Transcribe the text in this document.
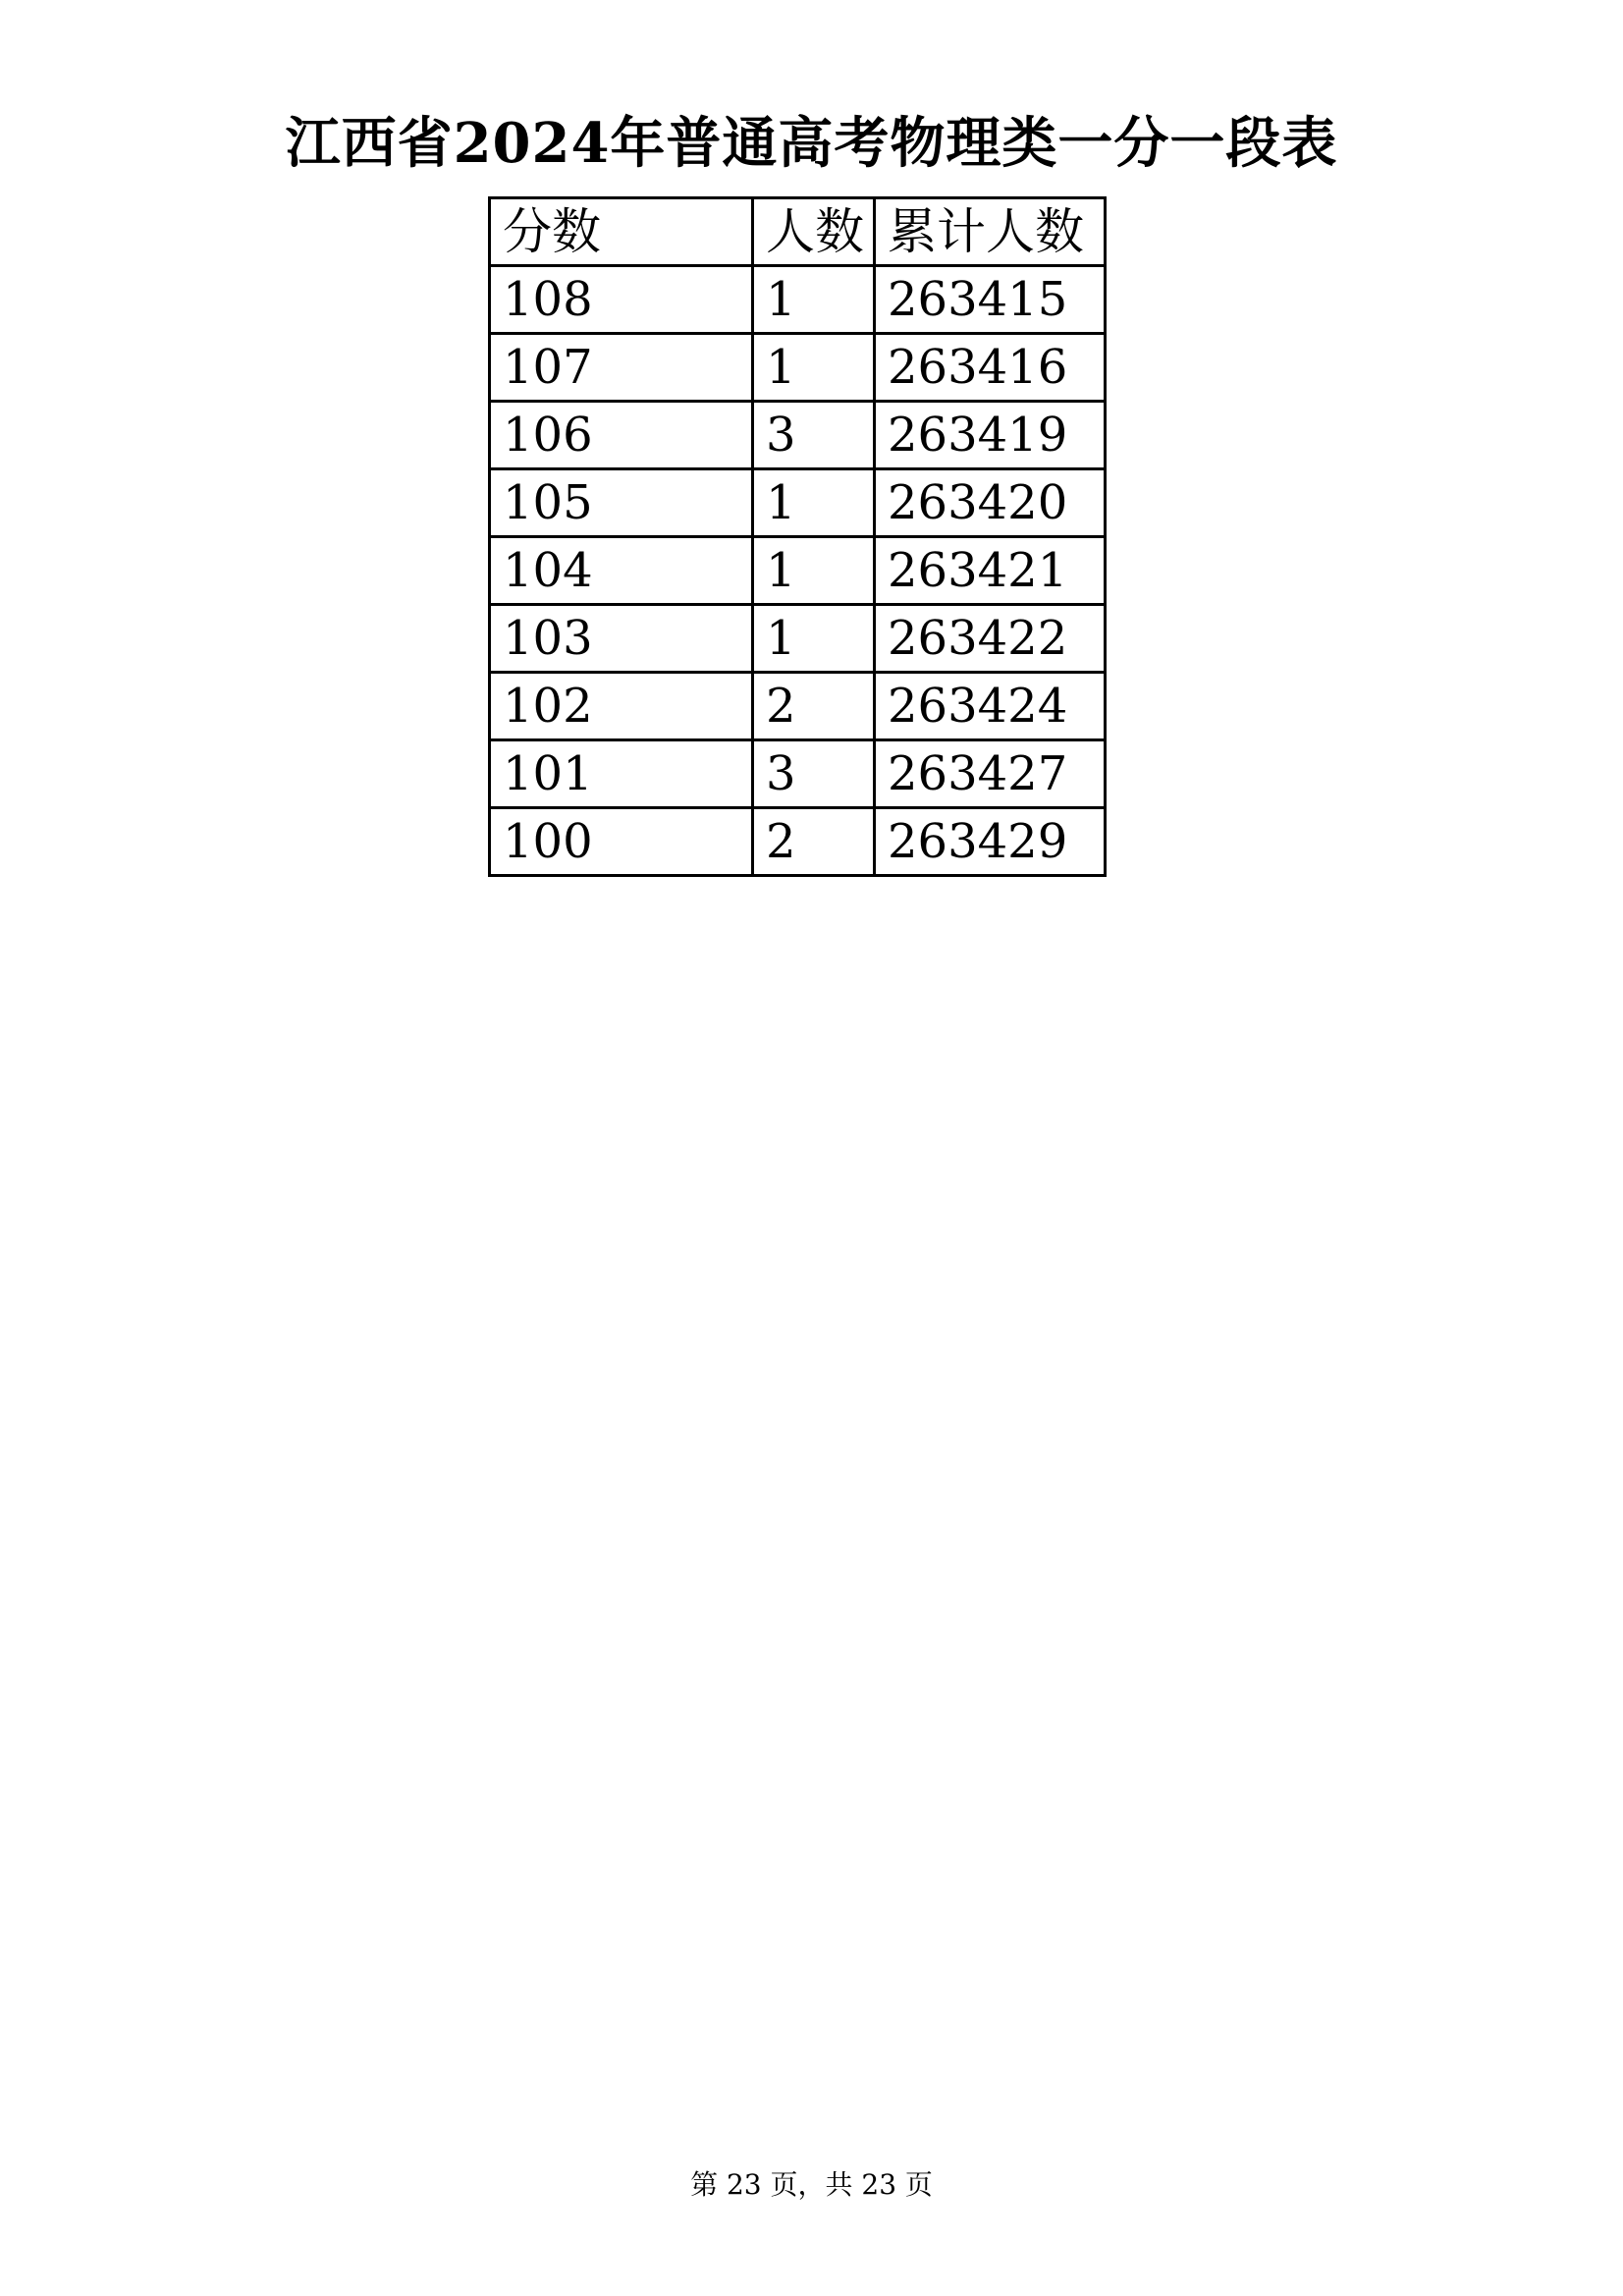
江西省2024年普通高考物理类一分一段表
分数	人数	累计人数
108	1	263415
107	1	263416
106	3	263419
105	1	263420
104	1	263421
103	1	263422
102	2	263424
101	3	263427
100	2	263429
第 23 页，共 23 页
